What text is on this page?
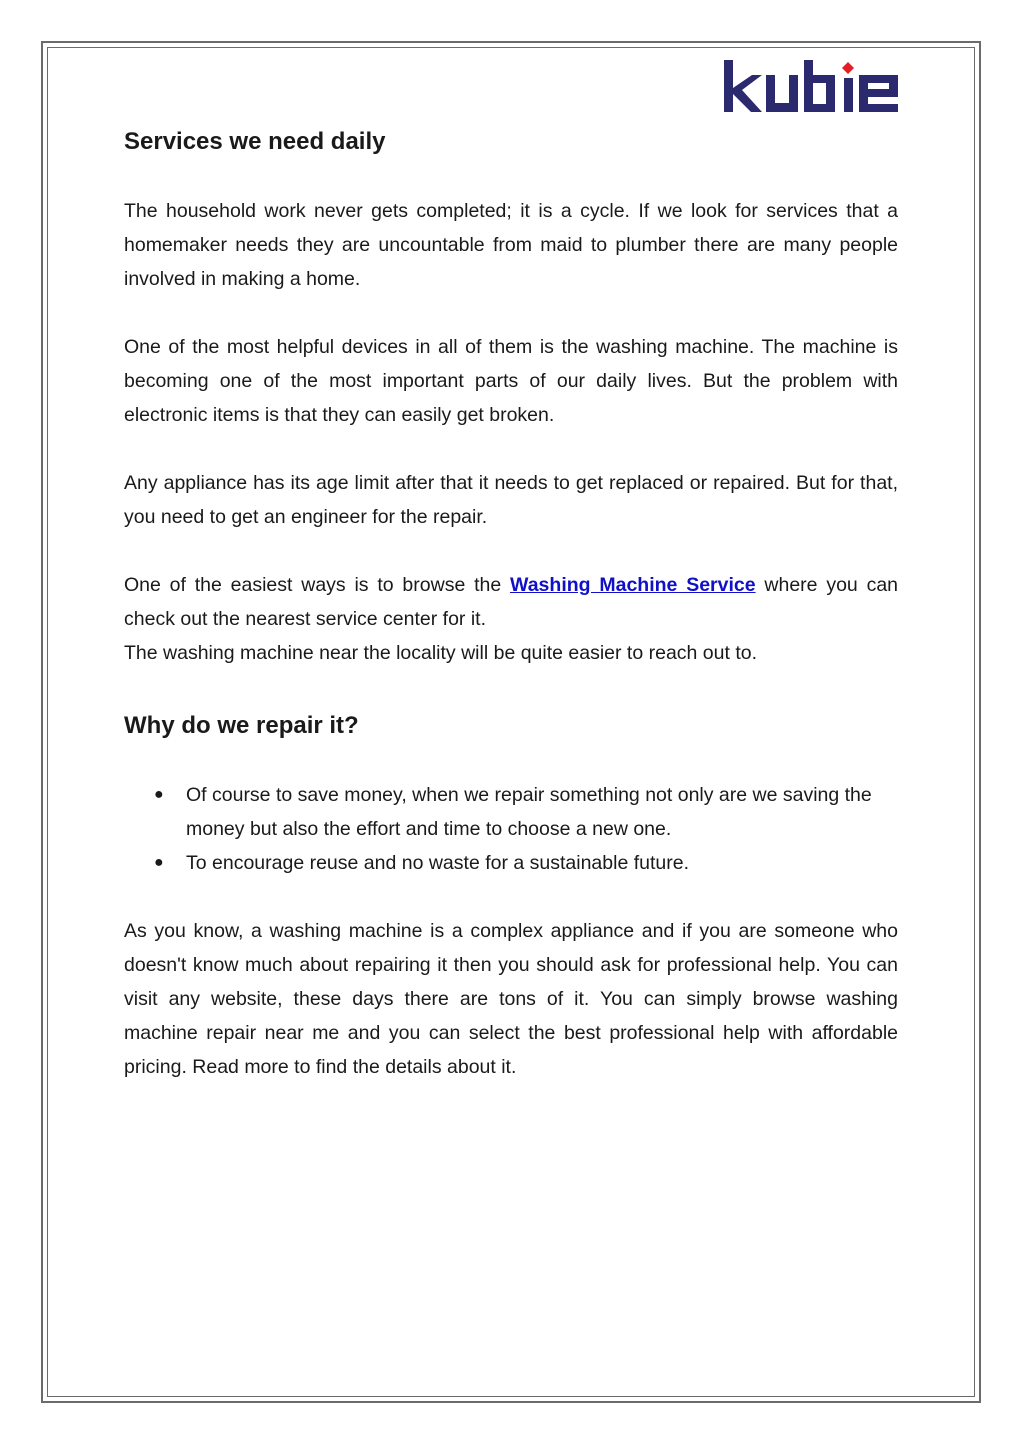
Services we need daily

The household work never gets completed; it is a cycle. If we look for services that a homemaker needs they are uncountable from maid to plumber there are many people involved in making a home.

One of the most helpful devices in all of them is the washing machine. The machine is becoming one of the most important parts of our daily lives. But the problem with electronic items is that they can easily get broken.

Any appliance has its age limit after that it needs to get replaced or repaired. But for that, you need to get an engineer for the repair.

One of the easiest ways is to browse the Washing Machine Service where you can check out the nearest service center for it.

The washing machine near the locality will be quite easier to reach out to.

Why do we repair it?
● Of course to save money, when we repair something not only are we saving the money but also the effort and time to choose a new one.
● To encourage reuse and no waste for a sustainable future.

As you know, a washing machine is a complex appliance and if you are someone who doesn't know much about repairing it then you should ask for professional help. You can visit any website, these days there are tons of it. You can simply browse washing machine repair near me and you can select the best professional help with affordable pricing. Read more to find the details about it.
